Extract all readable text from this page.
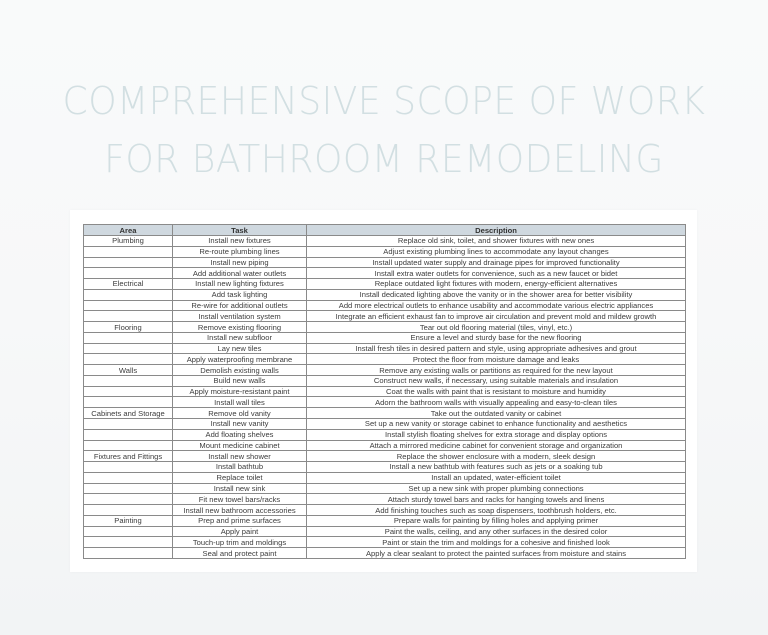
COMPREHENSIVE SCOPE OF WORK
FOR BATHROOM REMODELING
Area	Task	Description
Plumbing	Install new fixtures	Replace old sink, toilet, and shower fixtures with new ones
	Re-route plumbing lines	Adjust existing plumbing lines to accommodate any layout changes
	Install new piping	Install updated water supply and drainage pipes for improved functionality
	Add additional water outlets	Install extra water outlets for convenience, such as a new faucet or bidet
Electrical	Install new lighting fixtures	Replace outdated light fixtures with modern, energy-efficient alternatives
	Add task lighting	Install dedicated lighting above the vanity or in the shower area for better visibility
	Re-wire for additional outlets	Add more electrical outlets to enhance usability and accommodate various electric appliances
	Install ventilation system	Integrate an efficient exhaust fan to improve air circulation and prevent mold and mildew growth
Flooring	Remove existing flooring	Tear out old flooring material (tiles, vinyl, etc.)
	Install new subfloor	Ensure a level and sturdy base for the new flooring
	Lay new tiles	Install fresh tiles in desired pattern and style, using appropriate adhesives and grout
	Apply waterproofing membrane	Protect the floor from moisture damage and leaks
Walls	Demolish existing walls	Remove any existing walls or partitions as required for the new layout
	Build new walls	Construct new walls, if necessary, using suitable materials and insulation
	Apply moisture-resistant paint	Coat the walls with paint that is resistant to moisture and humidity
	Install wall tiles	Adorn the bathroom walls with visually appealing and easy-to-clean tiles
Cabinets and Storage	Remove old vanity	Take out the outdated vanity or cabinet
	Install new vanity	Set up a new vanity or storage cabinet to enhance functionality and aesthetics
	Add floating shelves	Install stylish floating shelves for extra storage and display options
	Mount medicine cabinet	Attach a mirrored medicine cabinet for convenient storage and organization
Fixtures and Fittings	Install new shower	Replace the shower enclosure with a modern, sleek design
	Install bathtub	Install a new bathtub with features such as jets or a soaking tub
	Replace toilet	Install an updated, water-efficient toilet
	Install new sink	Set up a new sink with proper plumbing connections
	Fit new towel bars/racks	Attach sturdy towel bars and racks for hanging towels and linens
	Install new bathroom accessories	Add finishing touches such as soap dispensers, toothbrush holders, etc.
Painting	Prep and prime surfaces	Prepare walls for painting by filling holes and applying primer
	Apply paint	Paint the walls, ceiling, and any other surfaces in the desired color
	Touch-up trim and moldings	Paint or stain the trim and moldings for a cohesive and finished look
	Seal and protect paint	Apply a clear sealant to protect the painted surfaces from moisture and stains
